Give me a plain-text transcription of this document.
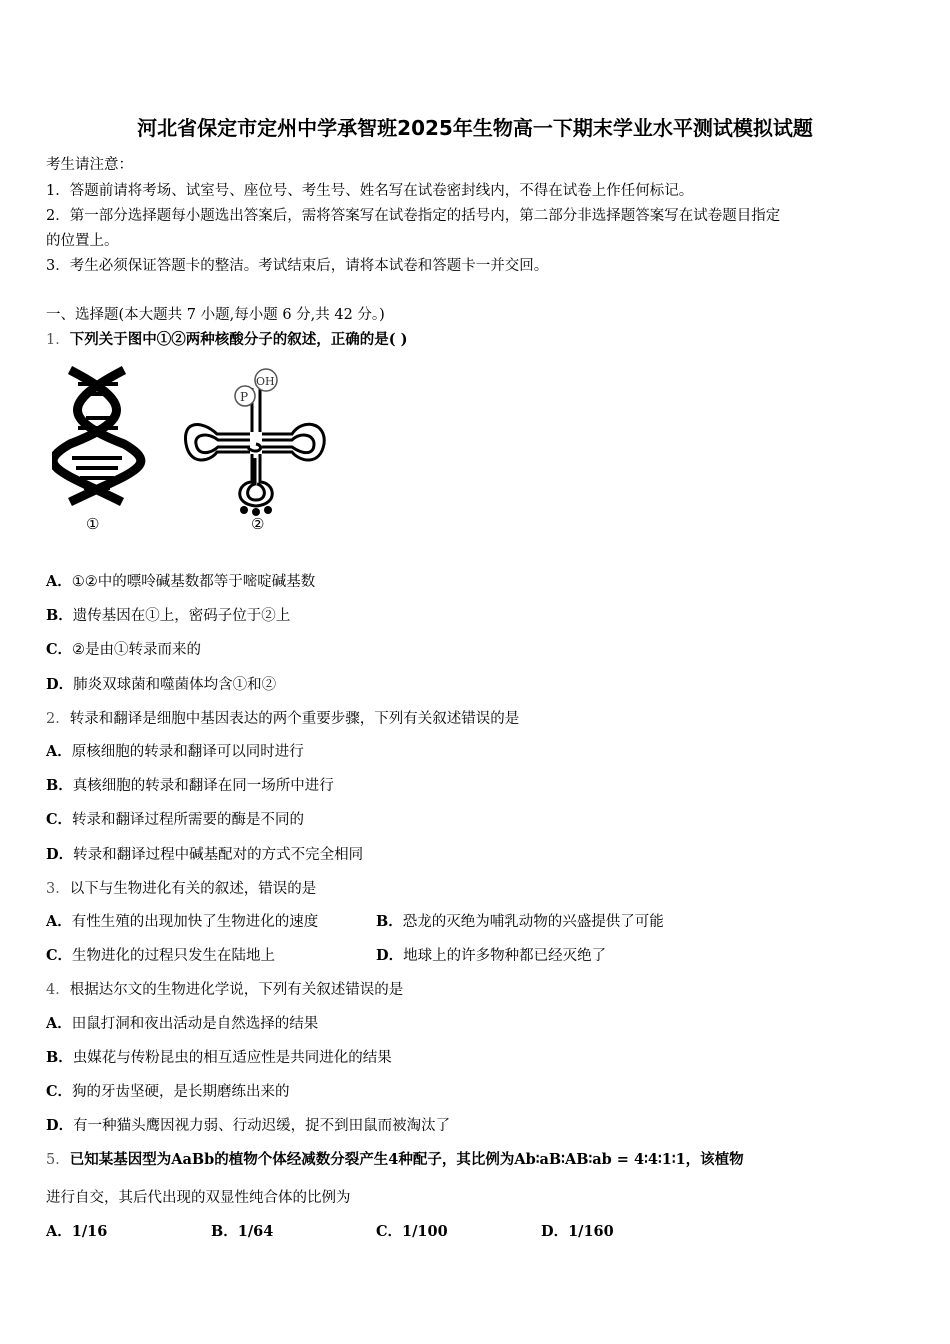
河北省保定市定州中学承智班2025年生物高一下期末学业水平测试模拟试题
考生请注意：
1．答题前请将考场、试室号、座位号、考生号、姓名写在试卷密封线内，不得在试卷上作任何标记。
2．第一部分选择题每小题选出答案后，需将答案写在试卷指定的括号内，第二部分非选择题答案写在试卷题目指定
的位置上。
3．考生必须保证答题卡的整洁。考试结束后，请将本试卷和答题卡一并交回。
一、选择题(本大题共 7 小题,每小题 6 分,共 42 分。)
1．下列关于图中①②两种核酸分子的叙述，正确的是( )
①
P
OH
②
A．①②中的嘌呤碱基数都等于嘧啶碱基数
B．遗传基因在①上，密码子位于②上
C．②是由①转录而来的
D．肺炎双球菌和噬菌体均含①和②
2．转录和翻译是细胞中基因表达的两个重要步骤，下列有关叙述错误的是
A．原核细胞的转录和翻译可以同时进行
B．真核细胞的转录和翻译在同一场所中进行
C．转录和翻译过程所需要的酶是不同的
D．转录和翻译过程中碱基配对的方式不完全相同
3．以下与生物进化有关的叙述，错误的是
A．有性生殖的出现加快了生物进化的速度	B．恐龙的灭绝为哺乳动物的兴盛提供了可能
C．生物进化的过程只发生在陆地上	D．地球上的许多物种都已经灭绝了
4．根据达尔文的生物进化学说，下列有关叙述错误的是
A．田鼠打洞和夜出活动是自然选择的结果
B．虫媒花与传粉昆虫的相互适应性是共同进化的结果
C．狗的牙齿坚硬，是长期磨练出来的
D．有一种猫头鹰因视力弱、行动迟缓，捉不到田鼠而被淘汰了
5．已知某基因型为AaBb的植物个体经减数分裂产生4种配子，其比例为Ab∶aB∶AB∶ab = 4∶4∶1∶1，该植物
进行自交，其后代出现的双显性纯合体的比例为
A．1/16	B．1/64	C．1/100	D．1/160
